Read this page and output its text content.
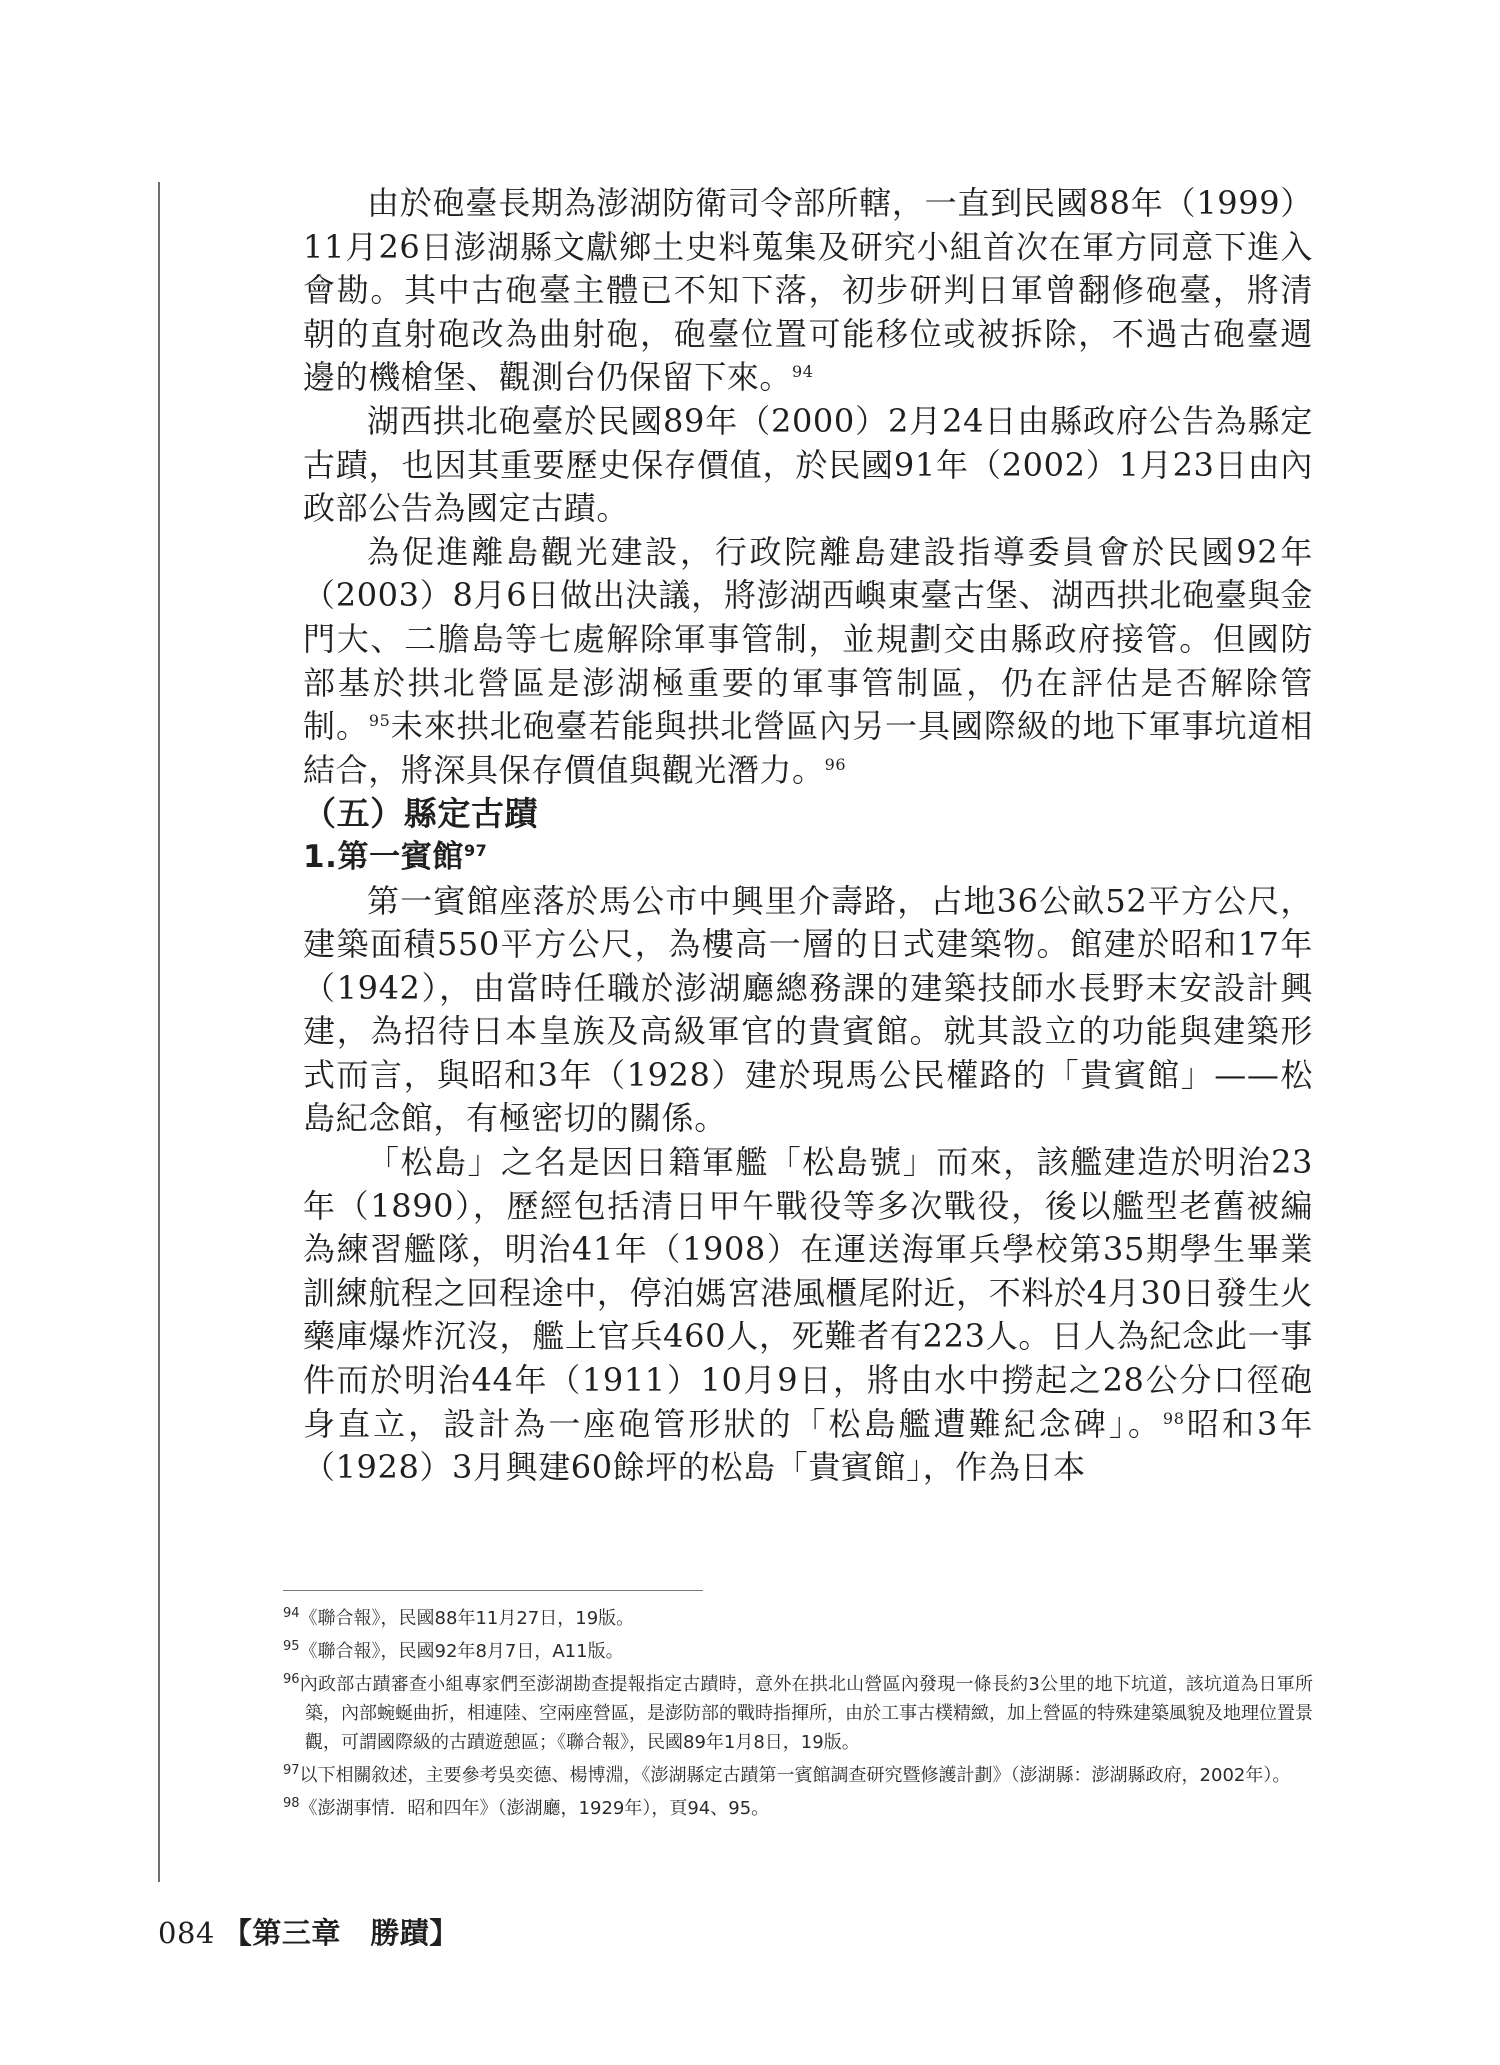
由於砲臺長期為澎湖防衛司令部所轄，一直到民國88年（1999）11月26日澎湖縣文獻鄉土史料蒐集及研究小組首次在軍方同意下進入會勘。其中古砲臺主體已不知下落，初步研判日軍曾翻修砲臺，將清朝的直射砲改為曲射砲，砲臺位置可能移位或被拆除，不過古砲臺週邊的機槍堡、觀測台仍保留下來。$^{94}$

湖西拱北砲臺於民國89年（2000）2月24日由縣政府公告為縣定古蹟，也因其重要歷史保存價值，於民國91年（2002）1月23日由內政部公告為國定古蹟。

為促進離島觀光建設，行政院離島建設指導委員會於民國92年（2003）8月6日做出決議，將澎湖西嶼東臺古堡、湖西拱北砲臺與金門大、二膽島等七處解除軍事管制，並規劃交由縣政府接管。但國防部基於拱北營區是澎湖極重要的軍事管制區，仍在評估是否解除管制。$^{95}$未來拱北砲臺若能與拱北營區內另一具國際級的地下軍事坑道相結合，將深具保存價值與觀光潛力。$^{96}$

（五）縣定古蹟
1.第一賓館$^{97}$

第一賓館座落於馬公市中興里介壽路，占地36公畝52平方公尺，建築面積550平方公尺，為樓高一層的日式建築物。館建於昭和17年（1942），由當時任職於澎湖廳總務課的建築技師水長野末安設計興建，為招待日本皇族及高級軍官的貴賓館。就其設立的功能與建築形式而言，與昭和3年（1928）建於現馬公民權路的「貴賓館」——松島紀念館，有極密切的關係。

「松島」之名是因日籍軍艦「松島號」而來，該艦建造於明治23年（1890），歷經包括清日甲午戰役等多次戰役，後以艦型老舊被編為練習艦隊，明治41年（1908）在運送海軍兵學校第35期學生畢業訓練航程之回程途中，停泊媽宮港風櫃尾附近，不料於4月30日發生火藥庫爆炸沉沒，艦上官兵460人，死難者有223人。日人為紀念此一事件而於明治44年（1911）10月9日，將由水中撈起之28公分口徑砲身直立，設計為一座砲管形狀的「松島艦遭難紀念碑」。$^{98}$昭和3年（1928）3月興建60餘坪的松島「貴賓館」，作為日本

$^{94}$《聯合報》，民國88年11月27日，19版。

$^{95}$《聯合報》，民國92年8月7日，A11版。

$^{96}$內政部古蹟審查小組專家們至澎湖勘查提報指定古蹟時，意外在拱北山營區內發現一條長約3公里的地下坑道，該坑道為日軍所築，內部蜿蜒曲折，相連陸、空兩座營區，是澎防部的戰時指揮所，由於工事古樸精緻，加上營區的特殊建築風貌及地理位置景觀，可謂國際級的古蹟遊憩區；《聯合報》，民國89年1月8日，19版。

$^{97}$以下相關敘述，主要參考吳奕德、楊博淵，《澎湖縣定古蹟第一賓館調查研究暨修護計劃》（澎湖縣：澎湖縣政府，2002年）。

$^{98}$《澎湖事情．昭和四年》（澎湖廳，1929年），頁94、95。

084 【第三章　勝蹟】
